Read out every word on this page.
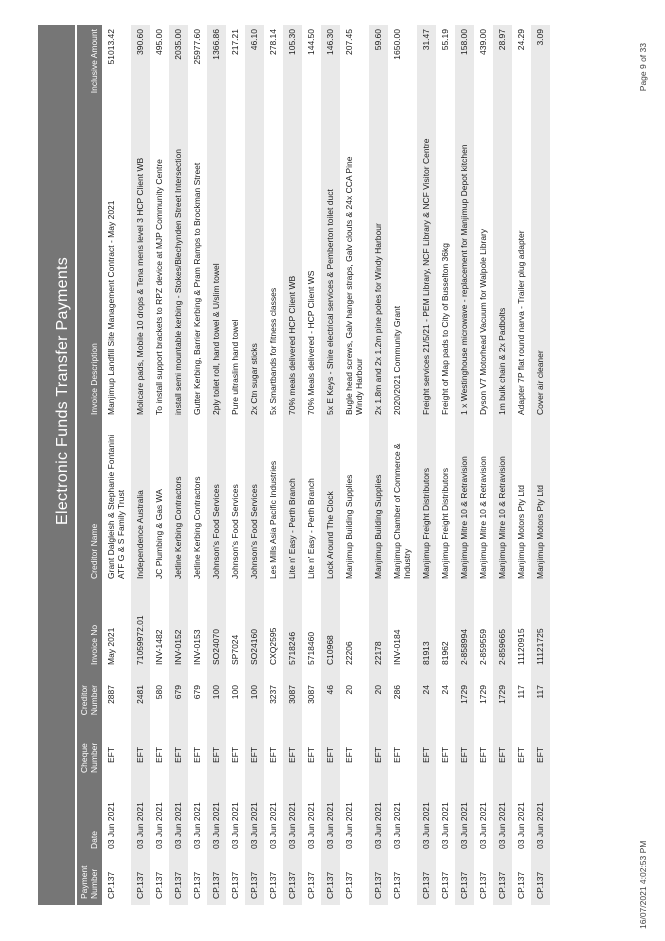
Electronic Funds Transfer Payments
Payment Number	Date	Cheque Number	Creditor Number	Invoice No	Creditor Name	Invoice Description	Inclusive Amount
CP.137	03 Jun 2021	EFT	2887	May 2021	Grant Dalgleish & Stephanie Fontanini ATF G & S Family Trust	Manjimup Landfill Site Management Contract - May 2021	51013.42
CP.137	03 Jun 2021	EFT	2481	71059972.01	Independence Australia	Molicare pads, Mobile 10 drops & Tena mens level 3 HCP Client WB	390.60
CP.137	03 Jun 2021	EFT	580	INV-1482	JC Plumbing & Gas WA	To install support brackets to RPZ device at MJP Community Centre	495.00
CP.137	03 Jun 2021	EFT	679	INV-0152	Jetline Kerbing Contractors	install semi mountable kerbing - Stokes/Blechynden Street Intersection	2035.00
CP.137	03 Jun 2021	EFT	679	INV-0153	Jetline Kerbing Contractors	Gutter Kerbing, Barrier Kerbing & Pram Ramps to Brockman Street	25977.60
CP.137	03 Jun 2021	EFT	100	SO24070	Johnson's Food Services	2ply toilet roll, hand towel & U/slim towel	1366.86
CP.137	03 Jun 2021	EFT	100	SP7024	Johnson's Food Services	Pure ultraslim hand towel	217.21
CP.137	03 Jun 2021	EFT	100	SO24160	Johnson's Food Services	2x Ctn sugar sticks	46.10
CP.137	03 Jun 2021	EFT	3237	CXQ2595	Les Mills Asia Pacific Industries	5x Smartbands for fitness classes	278.14
CP.137	03 Jun 2021	EFT	3087	5718246	Lite n' Easy - Perth Branch	70% meals delivered HCP Client WB	105.30
CP.137	03 Jun 2021	EFT	3087	5718460	Lite n' Easy - Perth Branch	70% Meals delivered - HCP Client WS	144.50
CP.137	03 Jun 2021	EFT	46	C10968	Lock Around The Clock	5x E Keys - Shire electrical services & Pemberton toilet duct	146.30
CP.137	03 Jun 2021	EFT	20	22206	Manjimup Building Supplies	Bugle head screws, Galv hanger straps, Galv clouts & 24x CCA Pine Windy Harbour	207.45
CP.137	03 Jun 2021	EFT	20	22178	Manjimup Building Supplies	2x 1.8m and 2x 1.2m pine poles for Windy Harbour	59.60
CP.137	03 Jun 2021	EFT	286	INV-0184	Manjimup Chamber of Commerce & Industry	2020/2021 Community Grant	1650.00
CP.137	03 Jun 2021	EFT	24	81913	Manjimup Freight Distributors	Freight services 21/5/21 - PEM Library, NCF Library & NCF Visitor Centre	31.47
CP.137	03 Jun 2021	EFT	24	81962	Manjimup Freight Distributors	Freight of Map pads to City of Busselton 36kg	55.19
CP.137	03 Jun 2021	EFT	1729	2-858994	Manjimup Mitre 10 & Retravision	1 x Westinghouse microwave - replacement for Manjimup Depot kitchen	158.00
CP.137	03 Jun 2021	EFT	1729	2-859559	Manjimup Mitre 10 & Retravision	Dyson V7 Motorhead Vacuum for Walpole Library	439.00
CP.137	03 Jun 2021	EFT	1729	2-859665	Manjimup Mitre 10 & Retravision	1m bulk chain & 2x Padbolts	28.97
CP.137	03 Jun 2021	EFT	117	11120915	Manjimup Motors Pty Ltd	Adapter 7P flat round narva - Trailer plug adapter	24.29
CP.137	03 Jun 2021	EFT	117	11121725	Manjimup Motors Pty Ltd	Cover air cleaner	3.09
16/07/2021 4:02:53 PM
Page 9 of 33
